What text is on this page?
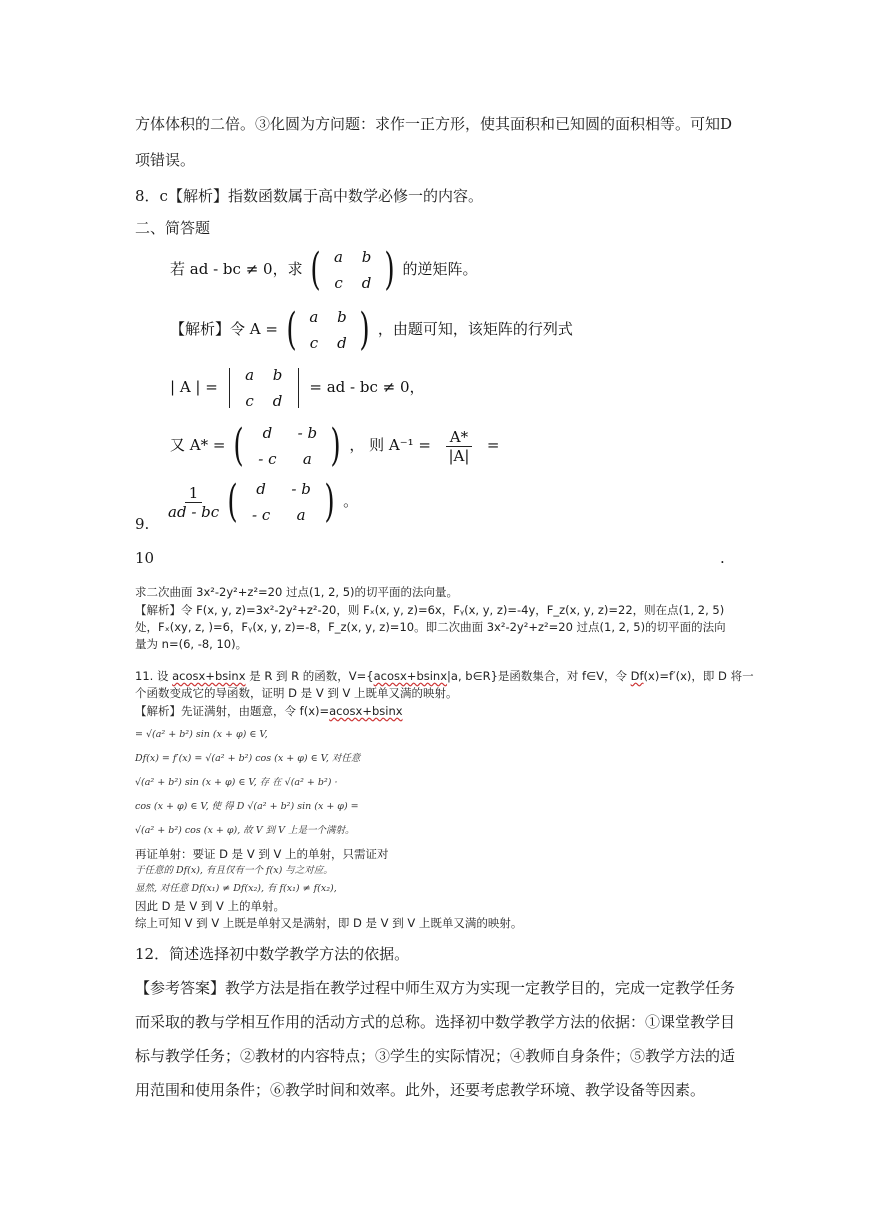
方体体积的二倍。③化圆为方问题：求作一正方形，使其面积和已知圆的面积相等。可知D
项错误。
8．c【解析】指数函数属于高中数学必修一的内容。
二、简答题
若 ad - bc ≠ 0，求 ( a	b
c	d ) 的逆矩阵。
【解析】令 A = ( a	b
c	d ) ，由题可知，该矩阵的行列式
| A | =
a	b
c	d
= ad - bc ≠ 0，
又 A* = (	d	- b
- c	a ) ， 则 $A^{-1} = \frac{A*}{|A|}$ =
9.
$\frac{1}{ad - bc}$
(	d	- b
- c	a ) 。
10	.
求二次曲面 3x²-2y²+z²=20 过点(1, 2, 5)的切平面的法向量。
【解析】令 F(x, y, z)=3x²-2y²+z²-20，则 Fₓ(x, y, z)=6x，Fᵧ(x, y, z)=-4y，F_z(x, y, z)=22，则在点(1, 2, 5)
处，Fₓ(xy, z, )=6，Fᵧ(x, y, z)=-8，F_z(x, y, z)=10。即二次曲面 3x²-2y²+z²=20 过点(1, 2, 5)的切平面的法向
量为 n=(6, -8, 10)。
11. 设 acosx+bsinx 是 R 到 R 的函数，V={acosx+bsinx|a, b∈R}是函数集合，对 f∈V，令 Df(x)=f′(x)，即 D 将一
个函数变成它的导函数，证明 D 是 V 到 V 上既单又满的映射。
【解析】先证满射，由题意，令 f(x)=acosx+bsinx
= √(a² + b²) sin (x + φ) ∈ V,
Df(x) = f′(x) = √(a² + b²) cos (x + φ) ∈ V, 对任意
√(a² + b²) sin (x + φ) ∈ V, 存 在 √(a² + b²) ·
cos (x + φ) ∈ V, 使 得 D √(a² + b²) sin (x + φ) =
√(a² + b²) cos (x + φ), 故 V 到 V 上是一个满射。
再证单射：要证 D 是 V 到 V 上的单射，只需证对
于任意的 Df(x), 有且仅有一个 f(x) 与之对应。
显然, 对任意 Df(x₁) ≠ Df(x₂), 有 f(x₁) ≠ f(x₂),
因此 D 是 V 到 V 上的单射。
综上可知 V 到 V 上既是单射又是满射，即 D 是 V 到 V 上既单又满的映射。
12．简述选择初中数学教学方法的依据。
【参考答案】教学方法是指在教学过程中师生双方为实现一定教学目的，完成一定教学任务
而采取的教与学相互作用的活动方式的总称。选择初中数学教学方法的依据：①课堂教学目
标与教学任务；②教材的内容特点；③学生的实际情况；④教师自身条件；⑤教学方法的适
用范围和使用条件；⑥教学时间和效率。此外，还要考虑教学环境、教学设备等因素。
